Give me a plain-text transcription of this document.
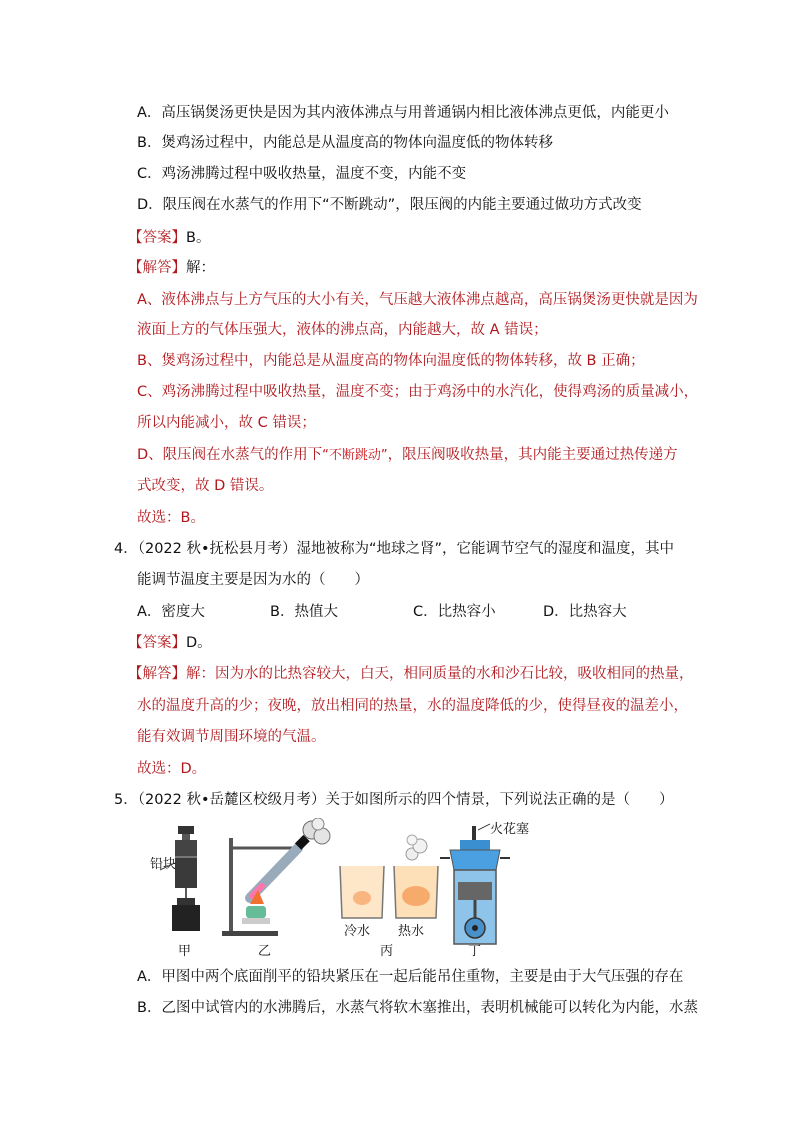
A．高压锅煲汤更快是因为其内液体沸点与用普通锅内相比液体沸点更低，内能更小
B．煲鸡汤过程中，内能总是从温度高的物体向温度低的物体转移
C．鸡汤沸腾过程中吸收热量，温度不变，内能不变
D．限压阀在水蒸气的作用下“不断跳动”，限压阀的内能主要通过做功方式改变
【答案】B。
【解答】解：
A、液体沸点与上方气压的大小有关，气压越大液体沸点越高，高压锅煲汤更快就是因为
液面上方的气体压强大，液体的沸点高，内能越大，故 A 错误；
B、煲鸡汤过程中，内能总是从温度高的物体向温度低的物体转移，故 B 正确；
C、鸡汤沸腾过程中吸收热量，温度不变；由于鸡汤中的水汽化，使得鸡汤的质量减小，
所以内能减小，故 C 错误；
D、限压阀在水蒸气的作用下“不断跳动”，限压阀吸收热量，其内能主要通过热传递方
式改变，故 D 错误。
故选：B。
4．（2022 秋•抚松县月考）湿地被称为“地球之肾”，它能调节空气的湿度和温度，其中
能调节温度主要是因为水的（　　）
A．密度大	B．热值大	C．比热容小	D．比热容大
【答案】D。
【解答】解：因为水的比热容较大，白天，相同质量的水和沙石比较，吸收相同的热量，
水的温度升高的少；夜晚，放出相同的热量，水的温度降低的少，使得昼夜的温差小，
能有效调节周围环境的气温。
故选：D。
5．（2022 秋•岳麓区校级月考）关于如图所示的四个情景，下列说法正确的是（　　）
铅块
火花塞
冷水 热水
甲	乙	丙	丁
A．甲图中两个底面削平的铅块紧压在一起后能吊住重物，主要是由于大气压强的存在
B．乙图中试管内的水沸腾后，水蒸气将软木塞推出，表明机械能可以转化为内能，水蒸
